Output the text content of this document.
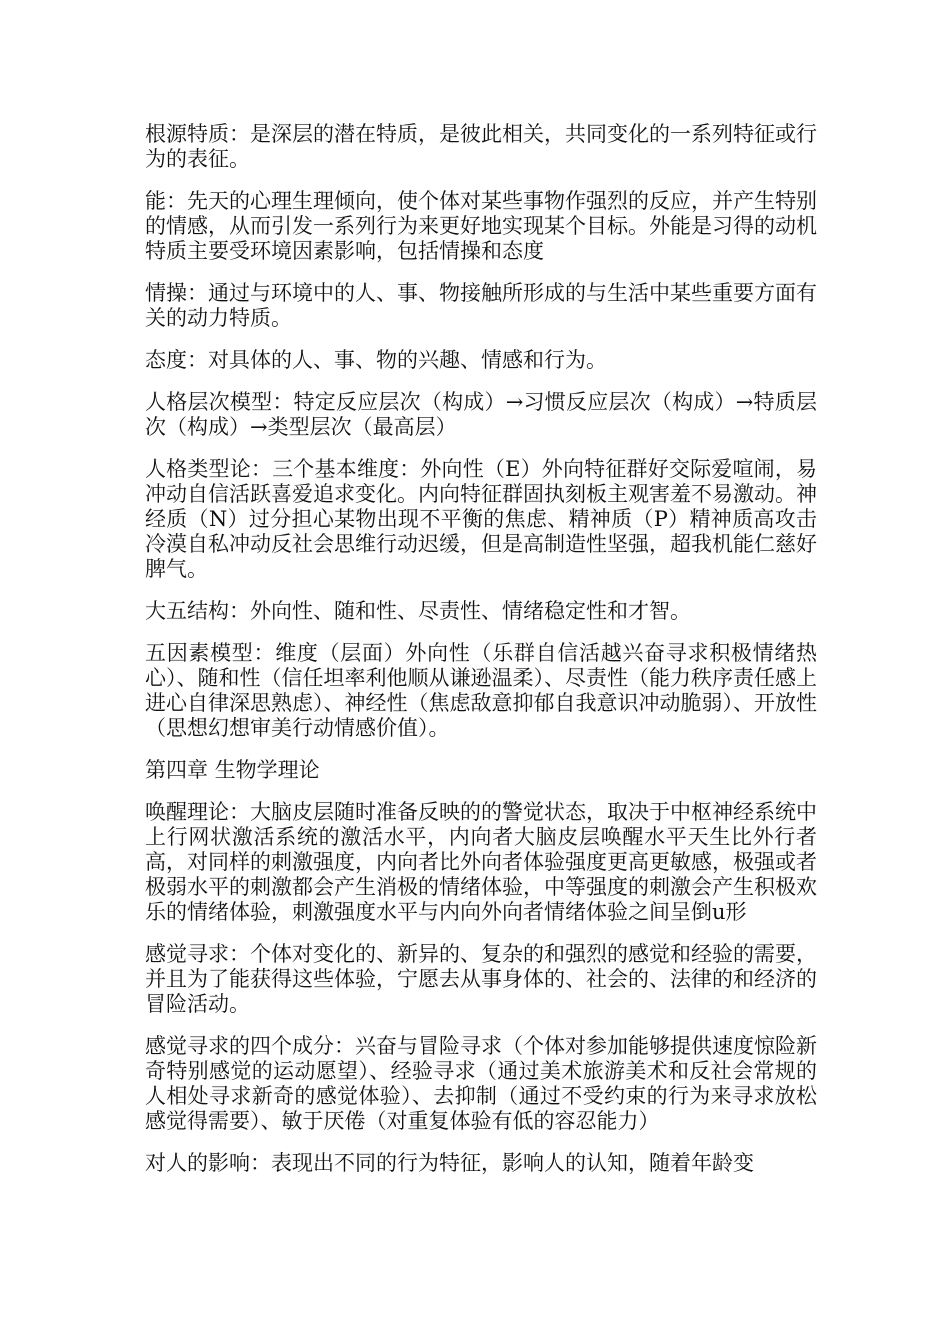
根源特质：是深层的潜在特质，是彼此相关，共同变化的一系列特征或行为的表征。

能：先天的心理生理倾向，使个体对某些事物作强烈的反应，并产生特别的情感，从而引发一系列行为来更好地实现某个目标。外能是习得的动机特质主要受环境因素影响，包括情操和态度

情操：通过与环境中的人、事、物接触所形成的与生活中某些重要方面有关的动力特质。

态度：对具体的人、事、物的兴趣、情感和行为。

人格层次模型：特定反应层次（构成）→习惯反应层次（构成）→特质层次（构成）→类型层次（最高层）

人格类型论：三个基本维度：外向性（E）外向特征群好交际爱喧闹，易冲动自信活跃喜爱追求变化。内向特征群固执刻板主观害羞不易激动。神经质（N）过分担心某物出现不平衡的焦虑、精神质（P）精神质高攻击冷漠自私冲动反社会思维行动迟缓，但是高制造性坚强，超我机能仁慈好脾气。

大五结构：外向性、随和性、尽责性、情绪稳定性和才智。

五因素模型：维度（层面）外向性（乐群自信活越兴奋寻求积极情绪热心）、随和性（信任坦率利他顺从谦逊温柔）、尽责性（能力秩序责任感上进心自律深思熟虑）、神经性（焦虑敌意抑郁自我意识冲动脆弱）、开放性（思想幻想审美行动情感价值）。

第四章 生物学理论

唤醒理论：大脑皮层随时准备反映的的警觉状态，取决于中枢神经系统中上行网状激活系统的激活水平，内向者大脑皮层唤醒水平天生比外行者高，对同样的刺激强度，内向者比外向者体验强度更高更敏感，极强或者极弱水平的刺激都会产生消极的情绪体验，中等强度的刺激会产生积极欢乐的情绪体验，刺激强度水平与内向外向者情绪体验之间呈倒u形

感觉寻求：个体对变化的、新异的、复杂的和强烈的感觉和经验的需要，并且为了能获得这些体验，宁愿去从事身体的、社会的、法律的和经济的冒险活动。

感觉寻求的四个成分：兴奋与冒险寻求（个体对参加能够提供速度惊险新奇特别感觉的运动愿望）、经验寻求（通过美术旅游美术和反社会常规的人相处寻求新奇的感觉体验）、去抑制（通过不受约束的行为来寻求放松感觉得需要）、敏于厌倦（对重复体验有低的容忍能力）

对人的影响：表现出不同的行为特征，影响人的认知，随着年龄变
